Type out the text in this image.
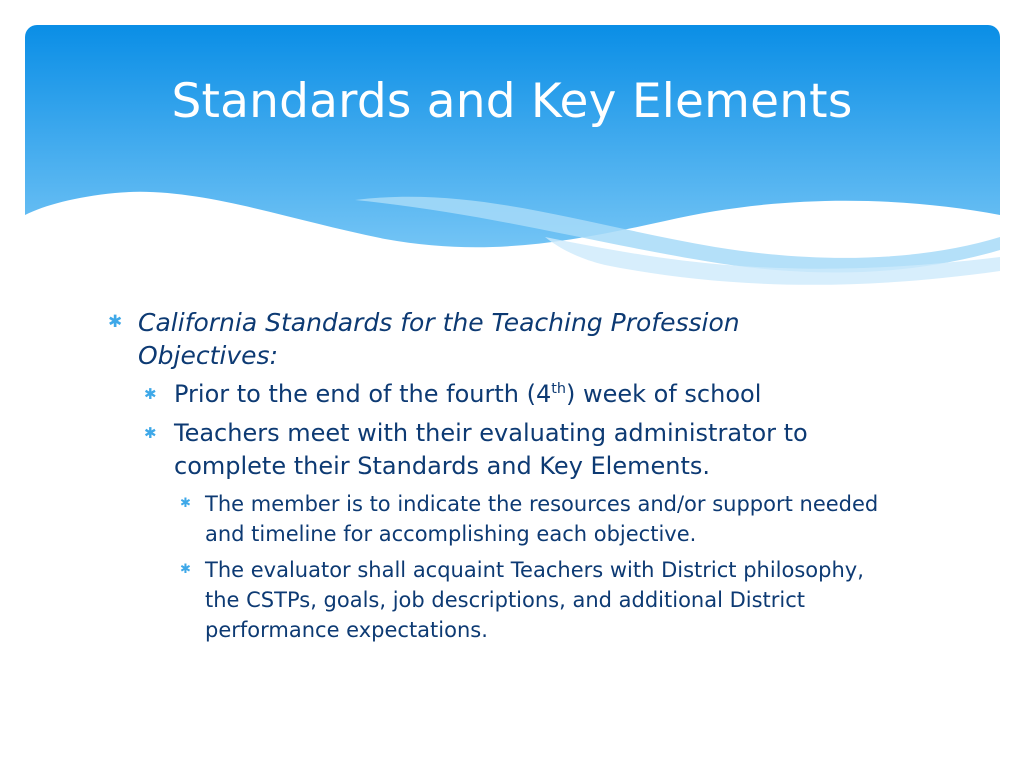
Standards and Key Elements
✱ California Standards for the Teaching Profession Objectives:
✱ Prior to the end of the fourth (4th) week of school
✱ Teachers meet with their evaluating administrator to complete their Standards and Key Elements.
✱ The member is to indicate the resources and/or support needed and timeline for accomplishing each objective.
✱ The evaluator shall acquaint Teachers with District philosophy, the CSTPs, goals, job descriptions, and additional District performance expectations.
